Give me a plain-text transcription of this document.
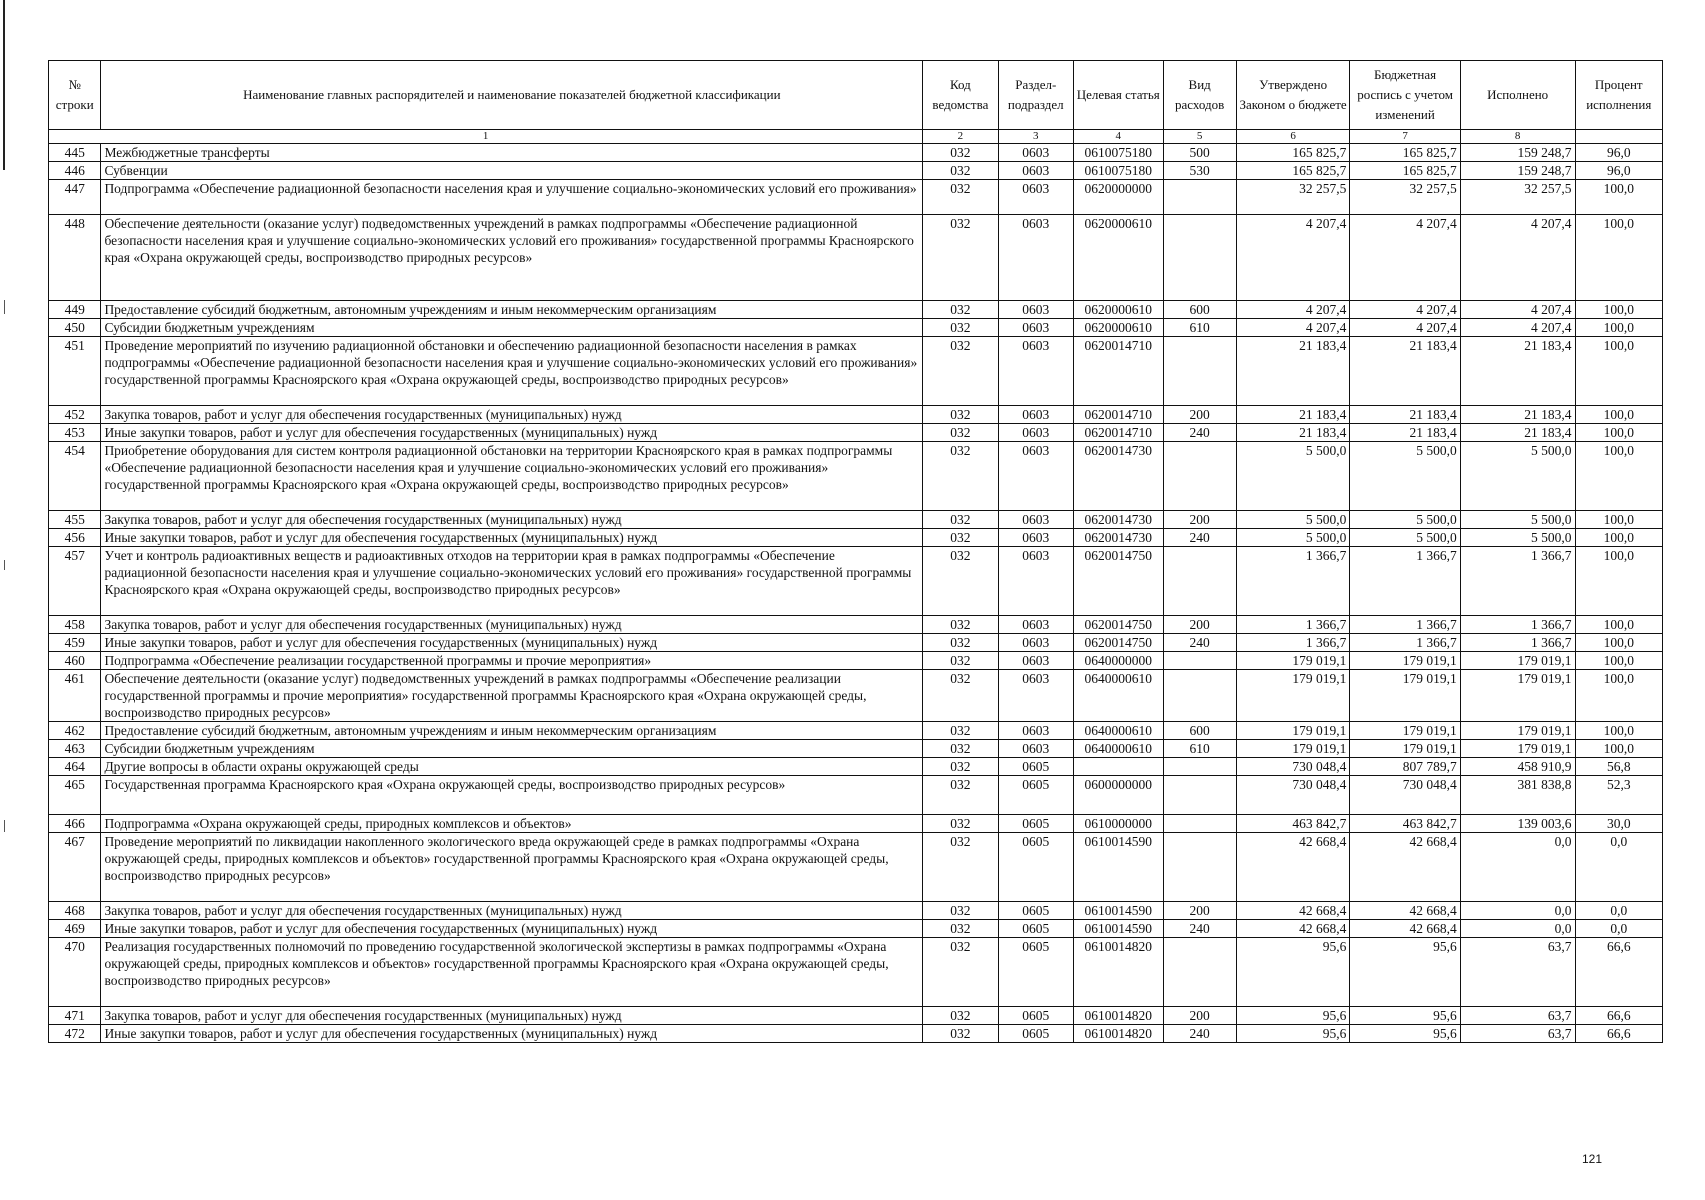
№ строки	Наименование главных распорядителей и наименование показателей бюджетной классификации	Код ведомства	Раздел-подраздел	Целевая статья	Вид расходов	Утверждено Законом о бюджете	Бюджетная роспись с учетом изменений	Исполнено	Процент исполнения
1		2	3	4	5	6	7	8	
445	Межбюджетные трансферты	032	0603	0610075180	500	165 825,7	165 825,7	159 248,7	96,0
446	Субвенции	032	0603	0610075180	530	165 825,7	165 825,7	159 248,7	96,0
447	Подпрограмма «Обеспечение радиационной безопасности населения края и улучшение социально-экономических условий его проживания»	032	0603	0620000000		32 257,5	32 257,5	32 257,5	100,0
448	Обеспечение деятельности (оказание услуг) подведомственных учреждений в рамках подпрограммы «Обеспечение радиационной безопасности населения края и улучшение социально-экономических условий его проживания» государственной программы Красноярского края «Охрана окружающей среды, воспроизводство природных ресурсов»	032	0603	0620000610		4 207,4	4 207,4	4 207,4	100,0
449	Предоставление субсидий бюджетным, автономным учреждениям и иным некоммерческим организациям	032	0603	0620000610	600	4 207,4	4 207,4	4 207,4	100,0
450	Субсидии бюджетным учреждениям	032	0603	0620000610	610	4 207,4	4 207,4	4 207,4	100,0
451	Проведение мероприятий по изучению радиационной обстановки и обеспечению радиационной безопасности населения в рамках подпрограммы «Обеспечение радиационной безопасности населения края и улучшение социально-экономических условий его проживания» государственной программы Красноярского края «Охрана окружающей среды, воспроизводство природных ресурсов»	032	0603	0620014710		21 183,4	21 183,4	21 183,4	100,0
452	Закупка товаров, работ и услуг для обеспечения государственных (муниципальных) нужд	032	0603	0620014710	200	21 183,4	21 183,4	21 183,4	100,0
453	Иные закупки товаров, работ и услуг для обеспечения государственных (муниципальных) нужд	032	0603	0620014710	240	21 183,4	21 183,4	21 183,4	100,0
454	Приобретение оборудования для систем контроля радиационной обстановки на территории Красноярского края в рамках подпрограммы «Обеспечение радиационной безопасности населения края и улучшение социально-экономических условий его проживания» государственной программы Красноярского края «Охрана окружающей среды, воспроизводство природных ресурсов»	032	0603	0620014730		5 500,0	5 500,0	5 500,0	100,0
455	Закупка товаров, работ и услуг для обеспечения государственных (муниципальных) нужд	032	0603	0620014730	200	5 500,0	5 500,0	5 500,0	100,0
456	Иные закупки товаров, работ и услуг для обеспечения государственных (муниципальных) нужд	032	0603	0620014730	240	5 500,0	5 500,0	5 500,0	100,0
457	Учет и контроль радиоактивных веществ и радиоактивных отходов на территории края в рамках подпрограммы «Обеспечение радиационной безопасности населения края и улучшение социально-экономических условий его проживания» государственной программы Красноярского края «Охрана окружающей среды, воспроизводство природных ресурсов»	032	0603	0620014750		1 366,7	1 366,7	1 366,7	100,0
458	Закупка товаров, работ и услуг для обеспечения государственных (муниципальных) нужд	032	0603	0620014750	200	1 366,7	1 366,7	1 366,7	100,0
459	Иные закупки товаров, работ и услуг для обеспечения государственных (муниципальных) нужд	032	0603	0620014750	240	1 366,7	1 366,7	1 366,7	100,0
460	Подпрограмма «Обеспечение реализации государственной программы и прочие мероприятия»	032	0603	0640000000		179 019,1	179 019,1	179 019,1	100,0
461	Обеспечение деятельности (оказание услуг) подведомственных учреждений в рамках подпрограммы «Обеспечение реализации государственной программы и прочие мероприятия» государственной программы Красноярского края «Охрана окружающей среды, воспроизводство природных ресурсов»	032	0603	0640000610		179 019,1	179 019,1	179 019,1	100,0
462	Предоставление субсидий бюджетным, автономным учреждениям и иным некоммерческим организациям	032	0603	0640000610	600	179 019,1	179 019,1	179 019,1	100,0
463	Субсидии бюджетным учреждениям	032	0603	0640000610	610	179 019,1	179 019,1	179 019,1	100,0
464	Другие вопросы в области охраны окружающей среды	032	0605			730 048,4	807 789,7	458 910,9	56,8
465	Государственная программа Красноярского края «Охрана окружающей среды, воспроизводство природных ресурсов»	032	0605	0600000000		730 048,4	730 048,4	381 838,8	52,3
466	Подпрограмма «Охрана окружающей среды, природных комплексов и объектов»	032	0605	0610000000		463 842,7	463 842,7	139 003,6	30,0
467	Проведение мероприятий по ликвидации накопленного экологического вреда окружающей среде в рамках подпрограммы «Охрана окружающей среды, природных комплексов и объектов» государственной программы Красноярского края «Охрана окружающей среды, воспроизводство природных ресурсов»	032	0605	0610014590		42 668,4	42 668,4	0,0	0,0
468	Закупка товаров, работ и услуг для обеспечения государственных (муниципальных) нужд	032	0605	0610014590	200	42 668,4	42 668,4	0,0	0,0
469	Иные закупки товаров, работ и услуг для обеспечения государственных (муниципальных) нужд	032	0605	0610014590	240	42 668,4	42 668,4	0,0	0,0
470	Реализация государственных полномочий по проведению государственной экологической экспертизы в рамках подпрограммы «Охрана окружающей среды, природных комплексов и объектов» государственной программы Красноярского края «Охрана окружающей среды, воспроизводство природных ресурсов»	032	0605	0610014820		95,6	95,6	63,7	66,6
471	Закупка товаров, работ и услуг для обеспечения государственных (муниципальных) нужд	032	0605	0610014820	200	95,6	95,6	63,7	66,6
472	Иные закупки товаров, работ и услуг для обеспечения государственных (муниципальных) нужд	032	0605	0610014820	240	95,6	95,6	63,7	66,6
121
